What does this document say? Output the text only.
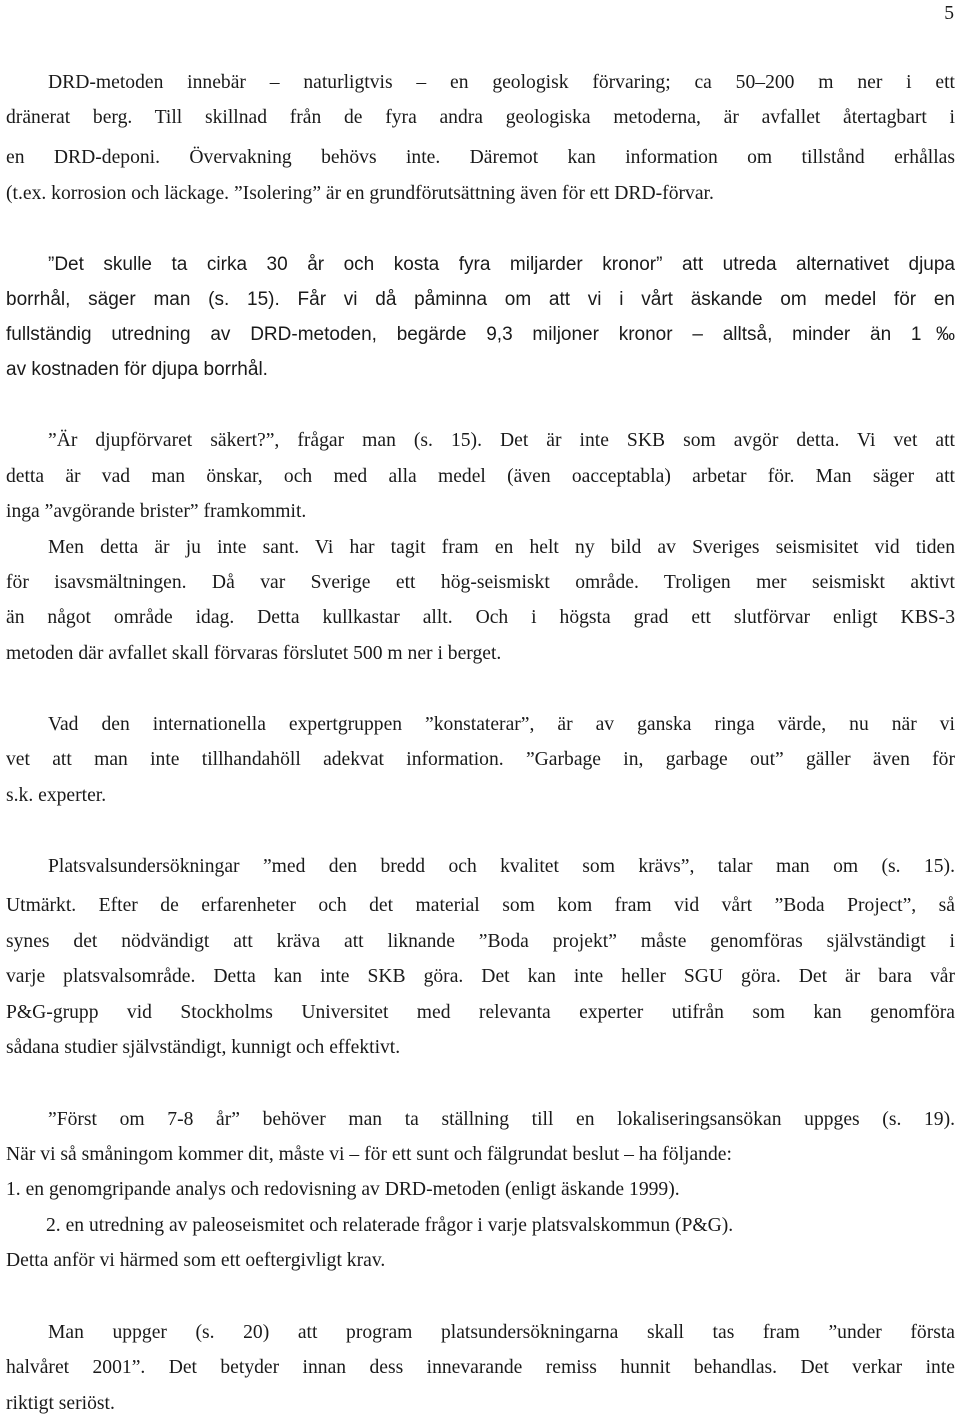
5
DRD-metoden innebär – naturligtvis – en geologisk förvaring; ca 50–200 m ner i ett
dränerat berg. Till skillnad från de fyra andra geologiska metoderna, är avfallet återtagbart i
en DRD-deponi. Övervakning behövs inte. Däremot kan information om tillstånd erhållas
(t.ex. korrosion och läckage. ”Isolering” är en grundförutsättning även för ett DRD-förvar.
”Det skulle ta cirka 30 år och kosta fyra miljarder kronor” att utreda alternativet djupa
borrhål, säger man (s. 15). Får vi då påminna om att vi i vårt äskande om medel för en
fullständig utredning av DRD-metoden, begärde 9,3 miljoner kronor – alltså, minder än 1‰
av kostnaden för djupa borrhål.
”Är djupförvaret säkert?”, frågar man (s. 15). Det är inte SKB som avgör detta. Vi vet att
detta är vad man önskar, och med alla medel (även oacceptabla) arbetar för. Man säger att
inga ”avgörande brister” framkommit.
Men detta är ju inte sant. Vi har tagit fram en helt ny bild av Sveriges seismisitet vid tiden
för isavsmältningen. Då var Sverige ett hög-seismiskt område. Troligen mer seismiskt aktivt
än något område idag. Detta kullkastar allt. Och i högsta grad ett slutförvar enligt KBS-3
metoden där avfallet skall förvaras förslutet 500 m ner i berget.
Vad den internationella expertgruppen ”konstaterar”, är av ganska ringa värde, nu när vi
vet att man inte tillhandahöll adekvat information. ”Garbage in, garbage out” gäller även för
s.k. experter.
Platsvalsundersökningar ”med den bredd och kvalitet som krävs”, talar man om (s. 15).
Utmärkt. Efter de erfarenheter och det material som kom fram vid vårt ”Boda Project”, så
synes det nödvändigt att kräva att liknande ”Boda projekt” måste genomföras självständigt i
varje platsvalsområde. Detta kan inte SKB göra. Det kan inte heller SGU göra. Det är bara vår
P&G-grupp vid Stockholms Universitet med relevanta experter utifrån som kan genomföra
sådana studier självständigt, kunnigt och effektivt.
”Först om 7-8 år” behöver man ta ställning till en lokaliseringsansökan uppges (s. 19).
När vi så småningom kommer dit, måste vi – för ett sunt och fälgrundat beslut – ha följande:
1. en genomgripande analys och redovisning av DRD-metoden (enligt äskande 1999).
2. en utredning av paleoseismitet och relaterade frågor i varje platsvalskommun (P&G).
Detta anför vi härmed som ett oeftergivligt krav.
Man uppger (s. 20) att program platsundersökningarna skall tas fram ”under första
halvåret 2001”. Det betyder innan dess innevarande remiss hunnit behandlas. Det verkar inte
riktigt seriöst.
